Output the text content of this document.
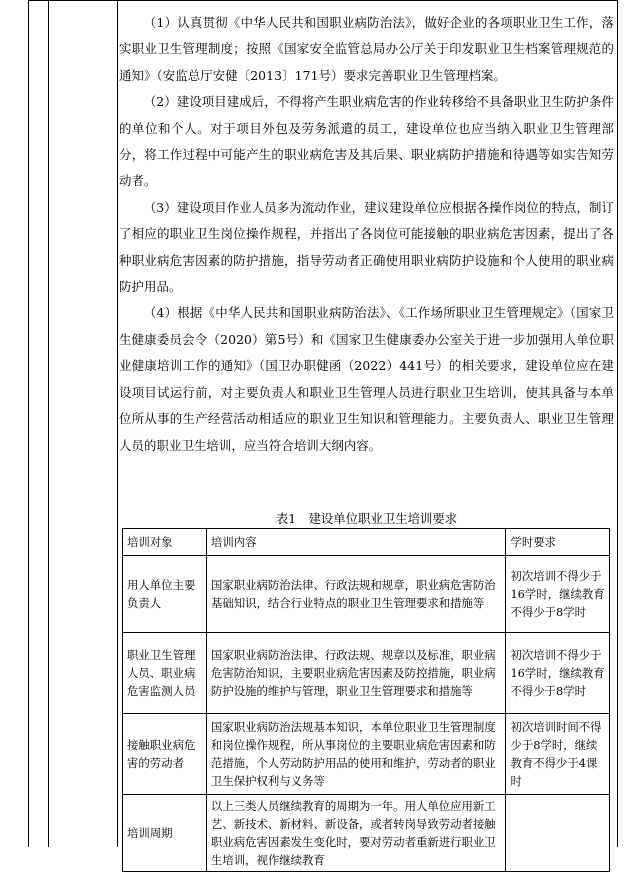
（1）认真贯彻《中华人民共和国职业病防治法》，做好企业的各项职业卫生工作，落实职业卫生管理制度；按照《国家安全监管总局办公厅关于印发职业卫生档案管理规范的通知》（安监总厅安健〔2013〕171号）要求完善职业卫生管理档案。

（2）建设项目建成后，不得将产生职业病危害的作业转移给不具备职业卫生防护条件的单位和个人。对于项目外包及劳务派遣的员工，建设单位也应当纳入职业卫生管理部分，将工作过程中可能产生的职业病危害及其后果、职业病防护措施和待遇等如实告知劳动者。

（3）建设项目作业人员多为流动作业，建议建设单位应根据各操作岗位的特点，制订了相应的职业卫生岗位操作规程，并指出了各岗位可能接触的职业病危害因素，提出了各种职业病危害因素的防护措施，指导劳动者正确使用职业病防护设施和个人使用的职业病防护用品。

（4）根据《中华人民共和国职业病防治法》、《工作场所职业卫生管理规定》（国家卫生健康委员会令（2020）第5号）和《国家卫生健康委办公室关于进一步加强用人单位职业健康培训工作的通知》（国卫办职健函（2022）441号）的相关要求，建设单位应在建设项目试运行前，对主要负责人和职业卫生管理人员进行职业卫生培训，使其具备与本单位所从事的生产经营活动相适应的职业卫生知识和管理能力。主要负责人、职业卫生管理人员的职业卫生培训，应当符合培训大纲内容。

表1　建设单位职业卫生培训要求
培训对象	培训内容	学时要求
用人单位主要负责人	国家职业病防治法律、行政法规和规章，职业病危害防治基础知识，结合行业特点的职业卫生管理要求和措施等	初次培训不得少于16学时，继续教育不得少于8学时
职业卫生管理人员、职业病危害监测人员	国家职业病防治法律、行政法规、规章以及标准，职业病危害防治知识，主要职业病危害因素及防控措施，职业病防护设施的维护与管理，职业卫生管理要求和措施等	初次培训不得少于16学时，继续教育不得少于8学时
接触职业病危害的劳动者	国家职业病防治法规基本知识，本单位职业卫生管理制度和岗位操作规程，所从事岗位的主要职业病危害因素和防范措施，个人劳动防护用品的使用和维护，劳动者的职业卫生保护权利与义务等	初次培训时间不得少于8学时，继续教育不得少于4课时
培训周期	以上三类人员继续教育的周期为一年。用人单位应用新工艺、新技术、新材料、新设备，或者转岗导致劳动者接触职业病危害因素发生变化时，要对劳动者重新进行职业卫生培训，视作继续教育	
